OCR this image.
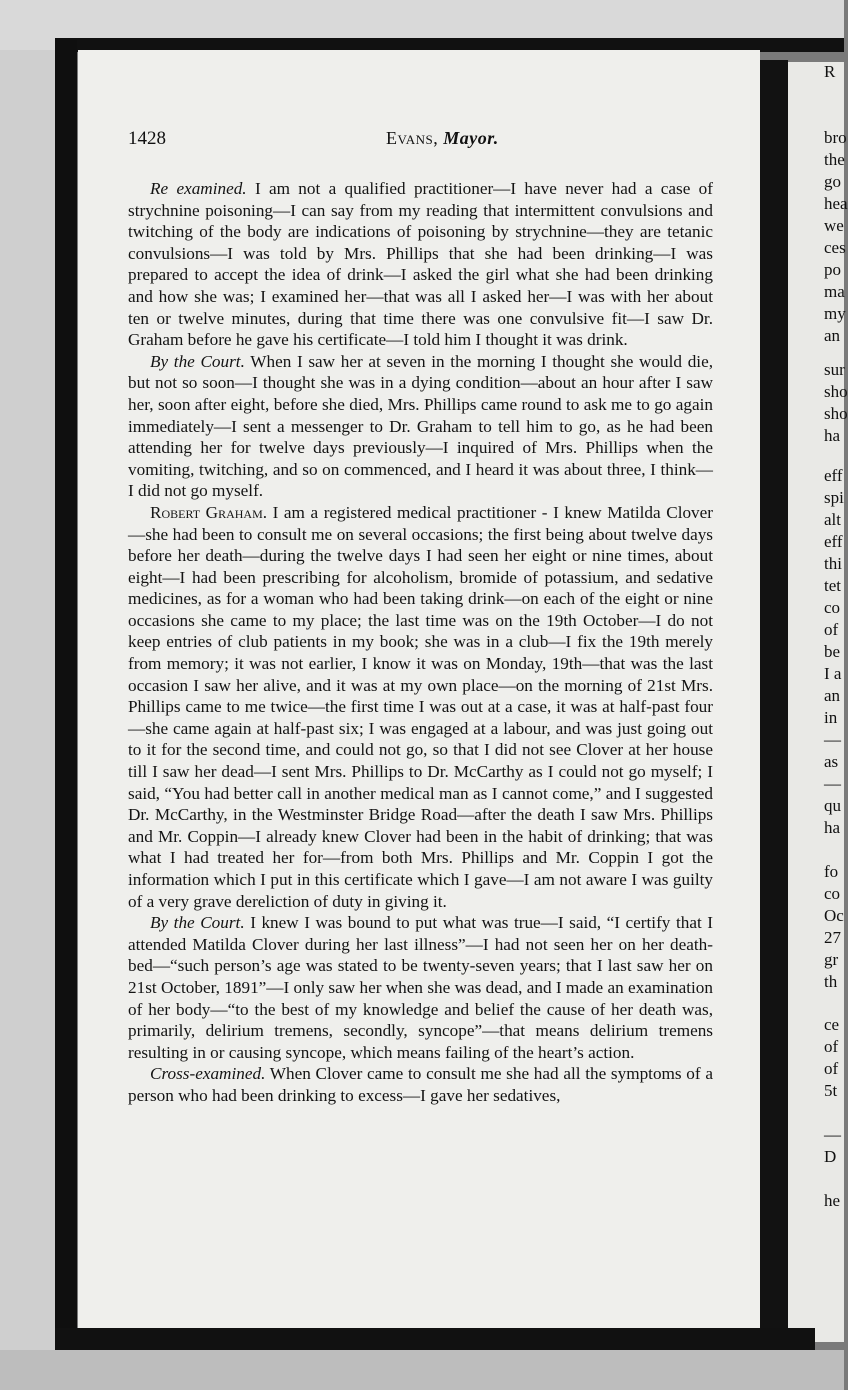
1428	Evans, Mayor.

Re examined. I am not a qualified practitioner—I have never had a case of strychnine poisoning—I can say from my reading that intermittent convulsions and twitching of the body are indications of poisoning by strychnine—they are tetanic convulsions—I was told by Mrs. Phillips that she had been drinking—I was prepared to accept the idea of drink—I asked the girl what she had been drinking and how she was; I examined her—that was all I asked her—I was with her about ten or twelve minutes, during that time there was one convulsive fit—I saw Dr. Graham before he gave his certificate—I told him I thought it was drink.

By the Court. When I saw her at seven in the morning I thought she would die, but not so soon—I thought she was in a dying condition—about an hour after I saw her, soon after eight, before she died, Mrs. Phillips came round to ask me to go again immediately—I sent a messenger to Dr. Graham to tell him to go, as he had been attending her for twelve days previously—I inquired of Mrs. Phillips when the vomiting, twitching, and so on commenced, and I heard it was about three, I think—I did not go myself.

Robert Graham. I am a registered medical practitioner - I knew Matilda Clover—she had been to consult me on several occasions; the first being about twelve days before her death—during the twelve days I had seen her eight or nine times, about eight—I had been prescribing for alcoholism, bromide of potassium, and sedative medicines, as for a woman who had been taking drink—on each of the eight or nine occasions she came to my place; the last time was on the 19th October—I do not keep entries of club patients in my book; she was in a club—I fix the 19th merely from memory; it was not earlier, I know it was on Monday, 19th—that was the last occasion I saw her alive, and it was at my own place—on the morning of 21st Mrs. Phillips came to me twice—the first time I was out at a case, it was at half-past four—she came again at half-past six; I was engaged at a labour, and was just going out to it for the second time, and could not go, so that I did not see Clover at her house till I saw her dead—I sent Mrs. Phillips to Dr. McCarthy as I could not go myself; I said, “You had better call in another medical man as I cannot come,” and I suggested Dr. McCarthy, in the Westminster Bridge Road—after the death I saw Mrs. Phillips and Mr. Coppin—I already knew Clover had been in the habit of drinking; that was what I had treated her for—from both Mrs. Phillips and Mr. Coppin I got the information which I put in this certificate which I gave—I am not aware I was guilty of a very grave dereliction of duty in giving it.

By the Court. I knew I was bound to put what was true—I said, “I certify that I attended Matilda Clover during her last illness”—I had not seen her on her death-bed—“such person’s age was stated to be twenty-seven years; that I last saw her on 21st October, 1891”—I only saw her when she was dead, and I made an examination of her body—“to the best of my knowledge and belief the cause of her death was, primarily, delirium tremens, secondly, syncope”—that means delirium tremens resulting in or causing syncope, which means failing of the heart’s action.

Cross-examined. When Clover came to consult me she had all the symptoms of a person who had been drinking to excess—I gave her sedatives,

bro
the
go
hea
we
ces
po
ma
my
an
sur
sho
sho
ha
eff
spi
alt
eff
thi
tet
co
of
be
I a
an
in
—
as
—
qu
ha
fo
co
Oc
27
gr
th
ce
of
of
5t
—
D
he
R
